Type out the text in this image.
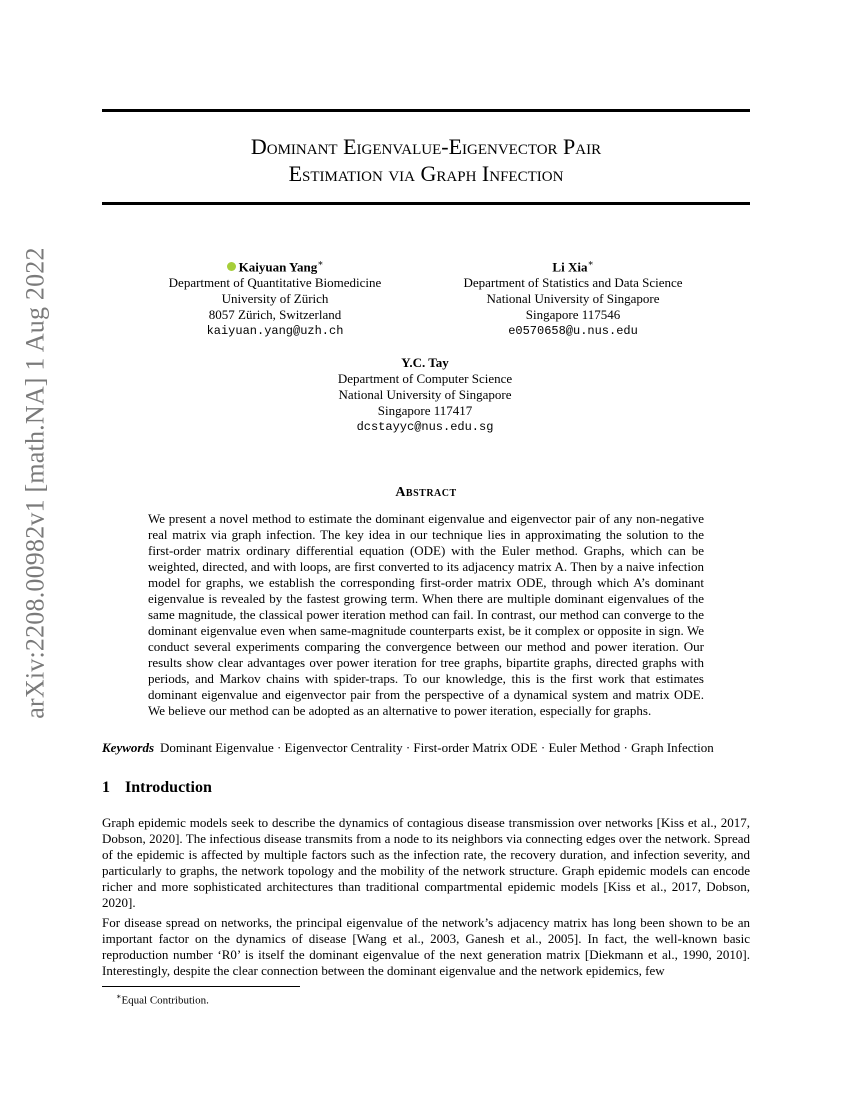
arXiv:2208.00982v1 [math.NA] 1 Aug 2022
Dominant Eigenvalue-Eigenvector Pair
Estimation via Graph Infection
Kaiyuan Yang∗
Department of Quantitative Biomedicine
University of Zürich
8057 Zürich, Switzerland
kaiyuan.yang@uzh.ch
Li Xia∗
Department of Statistics and Data Science
National University of Singapore
Singapore 117546
e0570658@u.nus.edu
Y.C. Tay
Department of Computer Science
National University of Singapore
Singapore 117417
dcstayyc@nus.edu.sg
Abstract

We present a novel method to estimate the dominant eigenvalue and eigenvector pair of any non-negative real matrix via graph infection. The key idea in our technique lies in approximating the solution to the first-order matrix ordinary differential equation (ODE) with the Euler method. Graphs, which can be weighted, directed, and with loops, are first converted to its adjacency matrix A. Then by a naive infection model for graphs, we establish the corresponding first-order matrix ODE, through which A’s dominant eigenvalue is revealed by the fastest growing term. When there are multiple dominant eigenvalues of the same magnitude, the classical power iteration method can fail. In contrast, our method can converge to the dominant eigenvalue even when same-magnitude counterparts exist, be it complex or opposite in sign. We conduct several experiments comparing the convergence between our method and power iteration. Our results show clear advantages over power iteration for tree graphs, bipartite graphs, directed graphs with periods, and Markov chains with spider-traps. To our knowledge, this is the first work that estimates dominant eigenvalue and eigenvector pair from the perspective of a dynamical system and matrix ODE. We believe our method can be adopted as an alternative to power iteration, especially for graphs.

Keywords Dominant Eigenvalue · Eigenvector Centrality · First-order Matrix ODE · Euler Method · Graph Infection
1 Introduction

Graph epidemic models seek to describe the dynamics of contagious disease transmission over networks [Kiss et al., 2017, Dobson, 2020]. The infectious disease transmits from a node to its neighbors via connecting edges over the network. Spread of the epidemic is affected by multiple factors such as the infection rate, the recovery duration, and infection severity, and particularly to graphs, the network topology and the mobility of the network structure. Graph epidemic models can encode richer and more sophisticated architectures than traditional compartmental epidemic models [Kiss et al., 2017, Dobson, 2020].

For disease spread on networks, the principal eigenvalue of the network’s adjacency matrix has long been shown to be an important factor on the dynamics of disease [Wang et al., 2003, Ganesh et al., 2005]. In fact, the well-known basic reproduction number ‘R0’ is itself the dominant eigenvalue of the next generation matrix [Diekmann et al., 1990, 2010]. Interestingly, despite the clear connection between the dominant eigenvalue and the network epidemics, few

∗Equal Contribution.
